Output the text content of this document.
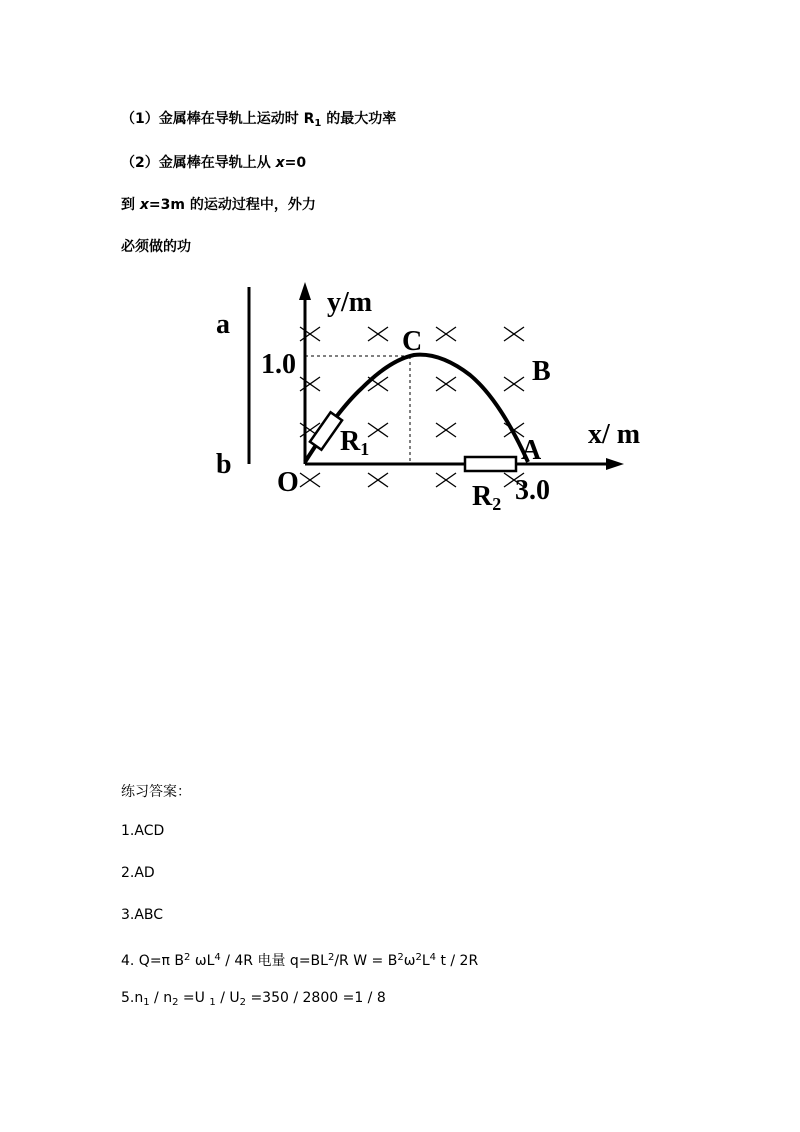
（1）金属棒在导轨上运动时 $R_1$ 的最大功率
（2）金属棒在导轨上从 x=0
到 x=3m 的运动过程中，外力
必须做的功
a
b
y/m
x/ m
1.0
3.0
O
C
B
A
R1
R2
练习答案：
1.ACD
2.AD
3.ABC
4. Q=π $B^2$ $\omega L^4 / 4R$ 电量 $q=BL^2/R$ $W = B^2\omega^2L^4$ t / 2R
$5.n_1 / n_2 =U$ $_1 / U_2 =350 / 2800 =1 / 8$
